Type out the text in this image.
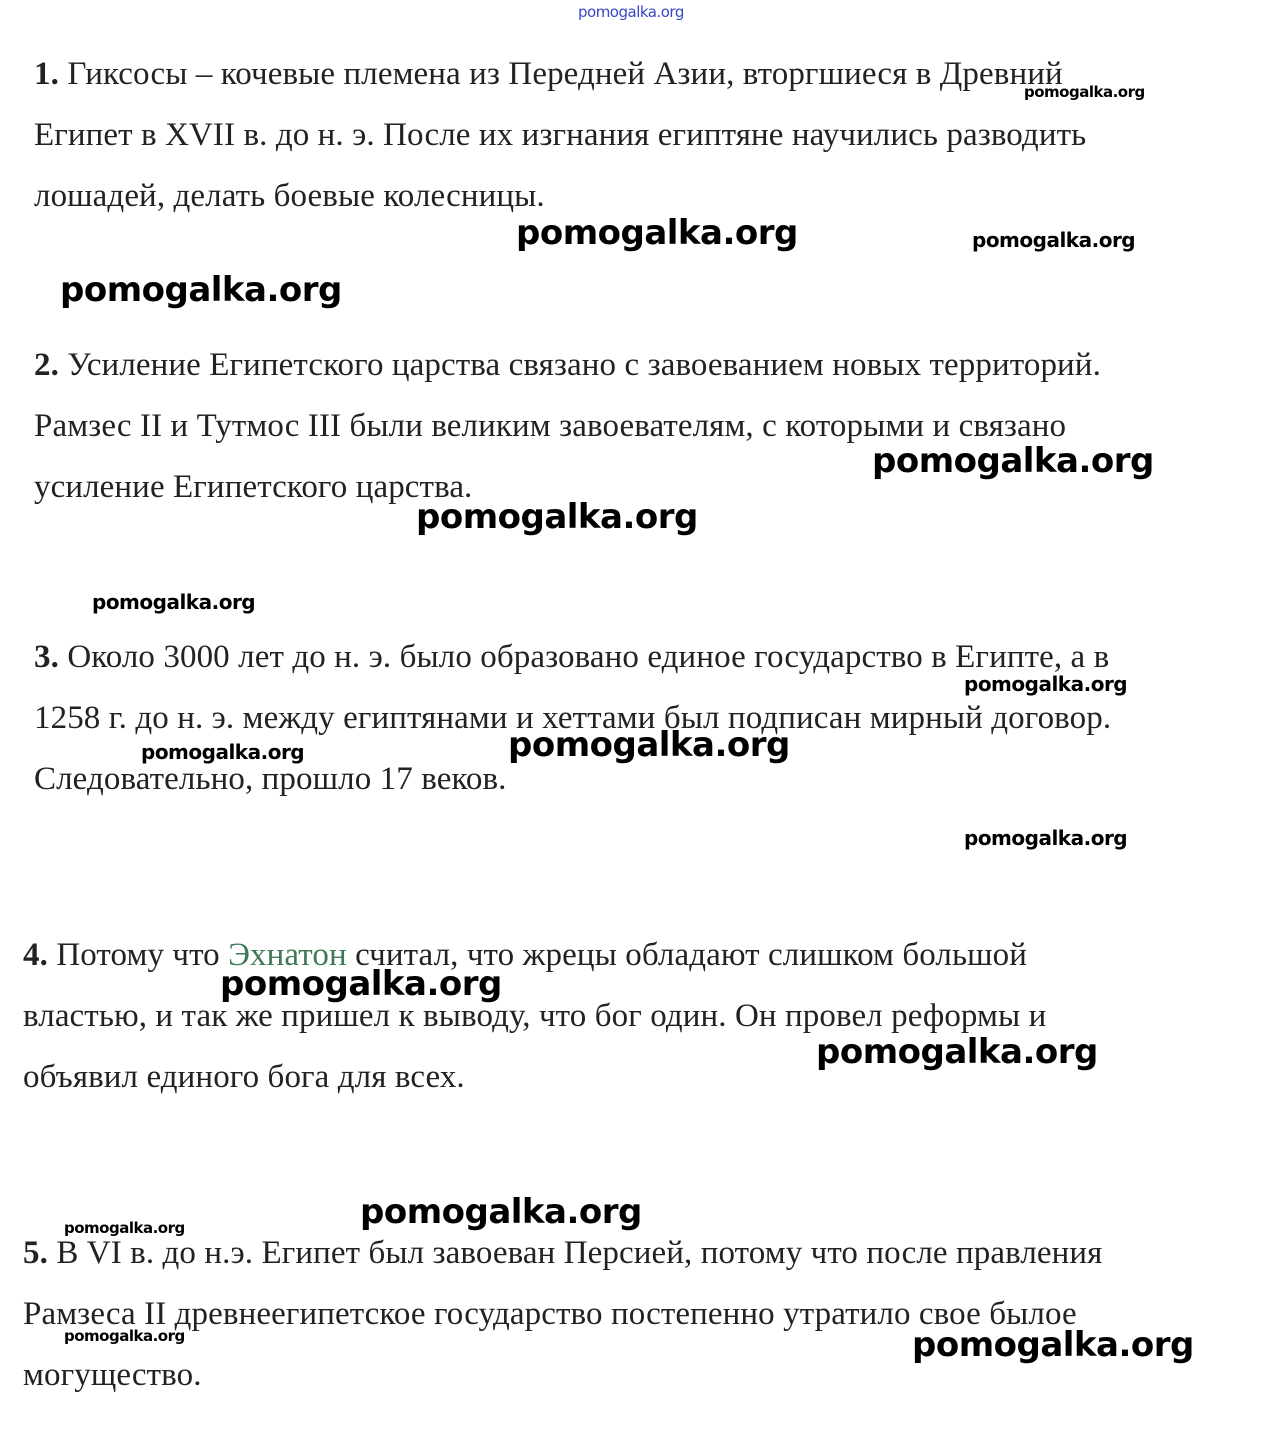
1. Гиксосы – кочевые племена из Передней Азии, вторгшиеся в Древний
Египет в XVII в. до н. э. После их изгнания египтяне научились разводить
лошадей, делать боевые колесницы.
2. Усиление Египетского царства связано с завоеванием новых территорий.
Рамзес II и Тутмос III были великим завоевателям, с которыми и связано
усиление Египетского царства.
3. Около 3000 лет до н. э. было образовано единое государство в Египте, а в
1258 г. до н. э. между египтянами и хеттами был подписан мирный договор.
Следовательно, прошло 17 веков.
4. Потому что Эхнатон считал, что жрецы обладают слишком большой
властью, и так же пришел к выводу, что бог один. Он провел реформы и
объявил единого бога для всех.
5. В VI в. до н.э. Египет был завоеван Персией, потому что после правления
Рамзеса II древнеегипетское государство постепенно утратило свое былое
могущество.
pomogalka.org
pomogalka.org
pomogalka.org	pomogalka.org
pomogalka.org
pomogalka.org
pomogalka.org
pomogalka.org
pomogalka.org
pomogalka.org	pomogalka.org
pomogalka.org
pomogalka.org
pomogalka.org
pomogalka.org
pomogalka.org
pomogalka.org	pomogalka.org
